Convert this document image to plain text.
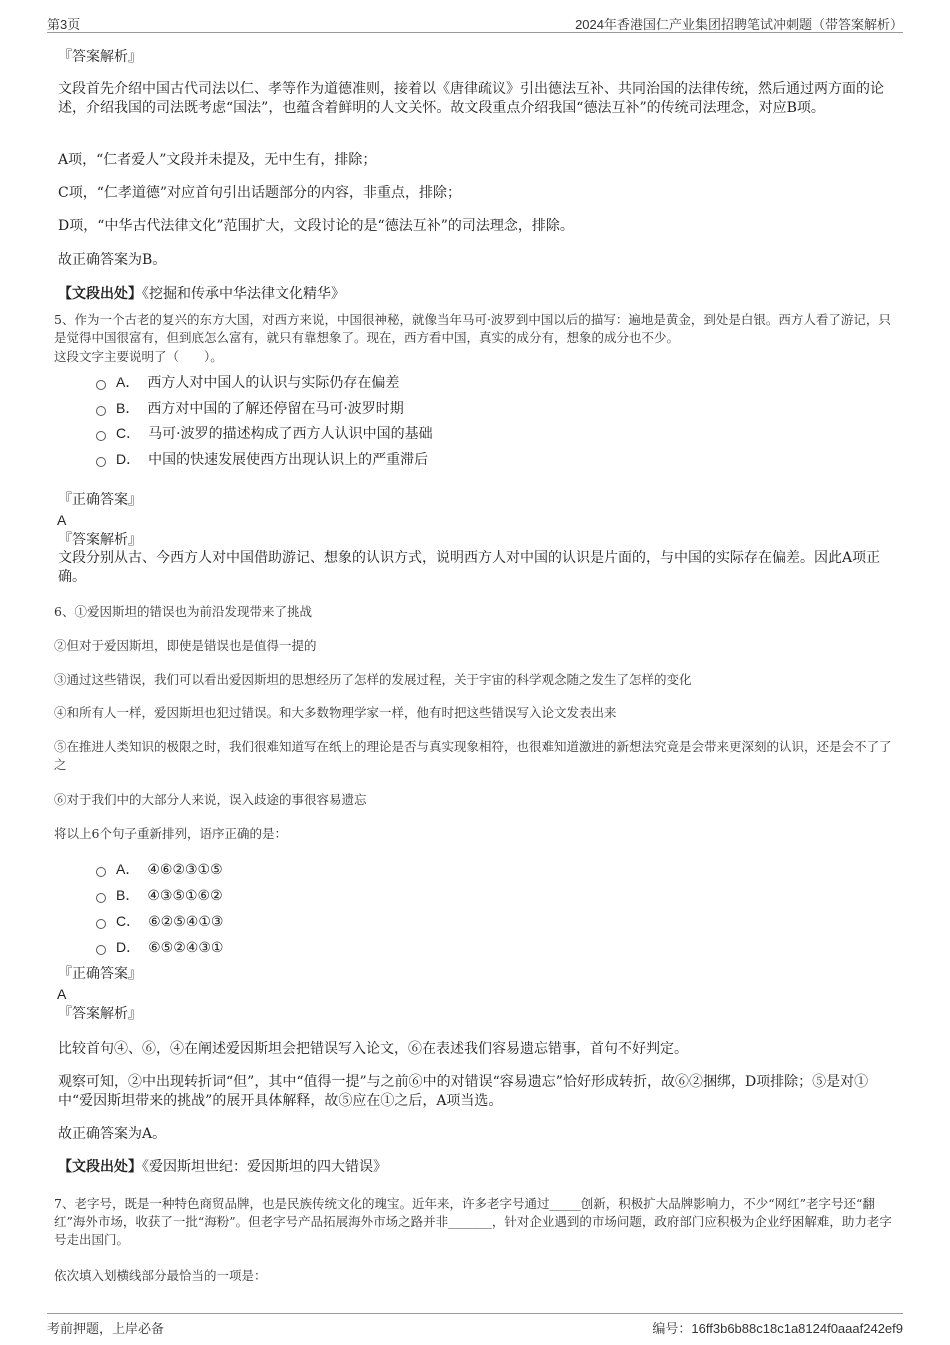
第3页	2024年香港国仁产业集团招聘笔试冲刺题（带答案解析）

『答案解析』

文段首先介绍中国古代司法以仁、孝等作为道德准则，接着以《唐律疏议》引出德法互补、共同治国的法律传统，然后通过两方面的论述，介绍我国的司法既考虑“国法”，也蕴含着鲜明的人文关怀。故文段重点介绍我国“德法互补”的传统司法理念，对应B项。

A项，“仁者爱人”文段并未提及，无中生有，排除；

C项，“仁孝道德”对应首句引出话题部分的内容，非重点，排除；

D项，“中华古代法律文化”范围扩大，文段讨论的是“德法互补”的司法理念，排除。

故正确答案为B。

【文段出处】《挖掘和传承中华法律文化精华》

5、作为一个古老的复兴的东方大国，对西方来说，中国很神秘，就像当年马可·波罗到中国以后的描写：遍地是黄金，到处是白银。西方人看了游记，只是觉得中国很富有，但到底怎么富有，就只有靠想象了。现在，西方看中国，真实的成分有，想象的成分也不少。

这段文字主要说明了（　　）。

A． 西方人对中国人的认识与实际仍存在偏差
B． 西方对中国的了解还停留在马可·波罗时期
C． 马可·波罗的描述构成了西方人认识中国的基础
D． 中国的快速发展使西方出现认识上的严重滞后

『正确答案』

A

『答案解析』

文段分别从古、今西方人对中国借助游记、想象的认识方式，说明西方人对中国的认识是片面的，与中国的实际存在偏差。因此A项正确。

6、①爱因斯坦的错误也为前沿发现带来了挑战

②但对于爱因斯坦，即使是错误也是值得一提的

③通过这些错误，我们可以看出爱因斯坦的思想经历了怎样的发展过程，关于宇宙的科学观念随之发生了怎样的变化

④和所有人一样，爱因斯坦也犯过错误。和大多数物理学家一样，他有时把这些错误写入论文发表出来

⑤在推进人类知识的极限之时，我们很难知道写在纸上的理论是否与真实现象相符，也很难知道激进的新想法究竟是会带来更深刻的认识，还是会不了了之

⑥对于我们中的大部分人来说，误入歧途的事很容易遗忘

将以上6个句子重新排列，语序正确的是：

A． ④⑥②③①⑤
B． ④③⑤①⑥②
C． ⑥②⑤④①③
D． ⑥⑤②④③①

『正确答案』

A

『答案解析』

比较首句④、⑥，④在阐述爱因斯坦会把错误写入论文，⑥在表述我们容易遗忘错事，首句不好判定。

观察可知，②中出现转折词“但”，其中“值得一提”与之前⑥中的对错误“容易遗忘”恰好形成转折，故⑥②捆绑，D项排除；⑤是对①中“爱因斯坦带来的挑战”的展开具体解释，故⑤应在①之后，A项当选。

故正确答案为A。

【文段出处】《爱因斯坦世纪：爱因斯坦的四大错误》

7、老字号，既是一种特色商贸品牌，也是民族传统文化的瑰宝。近年来，许多老字号通过_____创新，积极扩大品牌影响力，不少“网红”老字号还“翻红”海外市场，收获了一批“海粉”。但老字号产品拓展海外市场之路并非_______，针对企业遇到的市场问题，政府部门应积极为企业纾困解难，助力老字号走出国门。

依次填入划横线部分最恰当的一项是：

考前押题，上岸必备	编号：16ff3b6b88c18c1a8124f0aaaf242ef9
